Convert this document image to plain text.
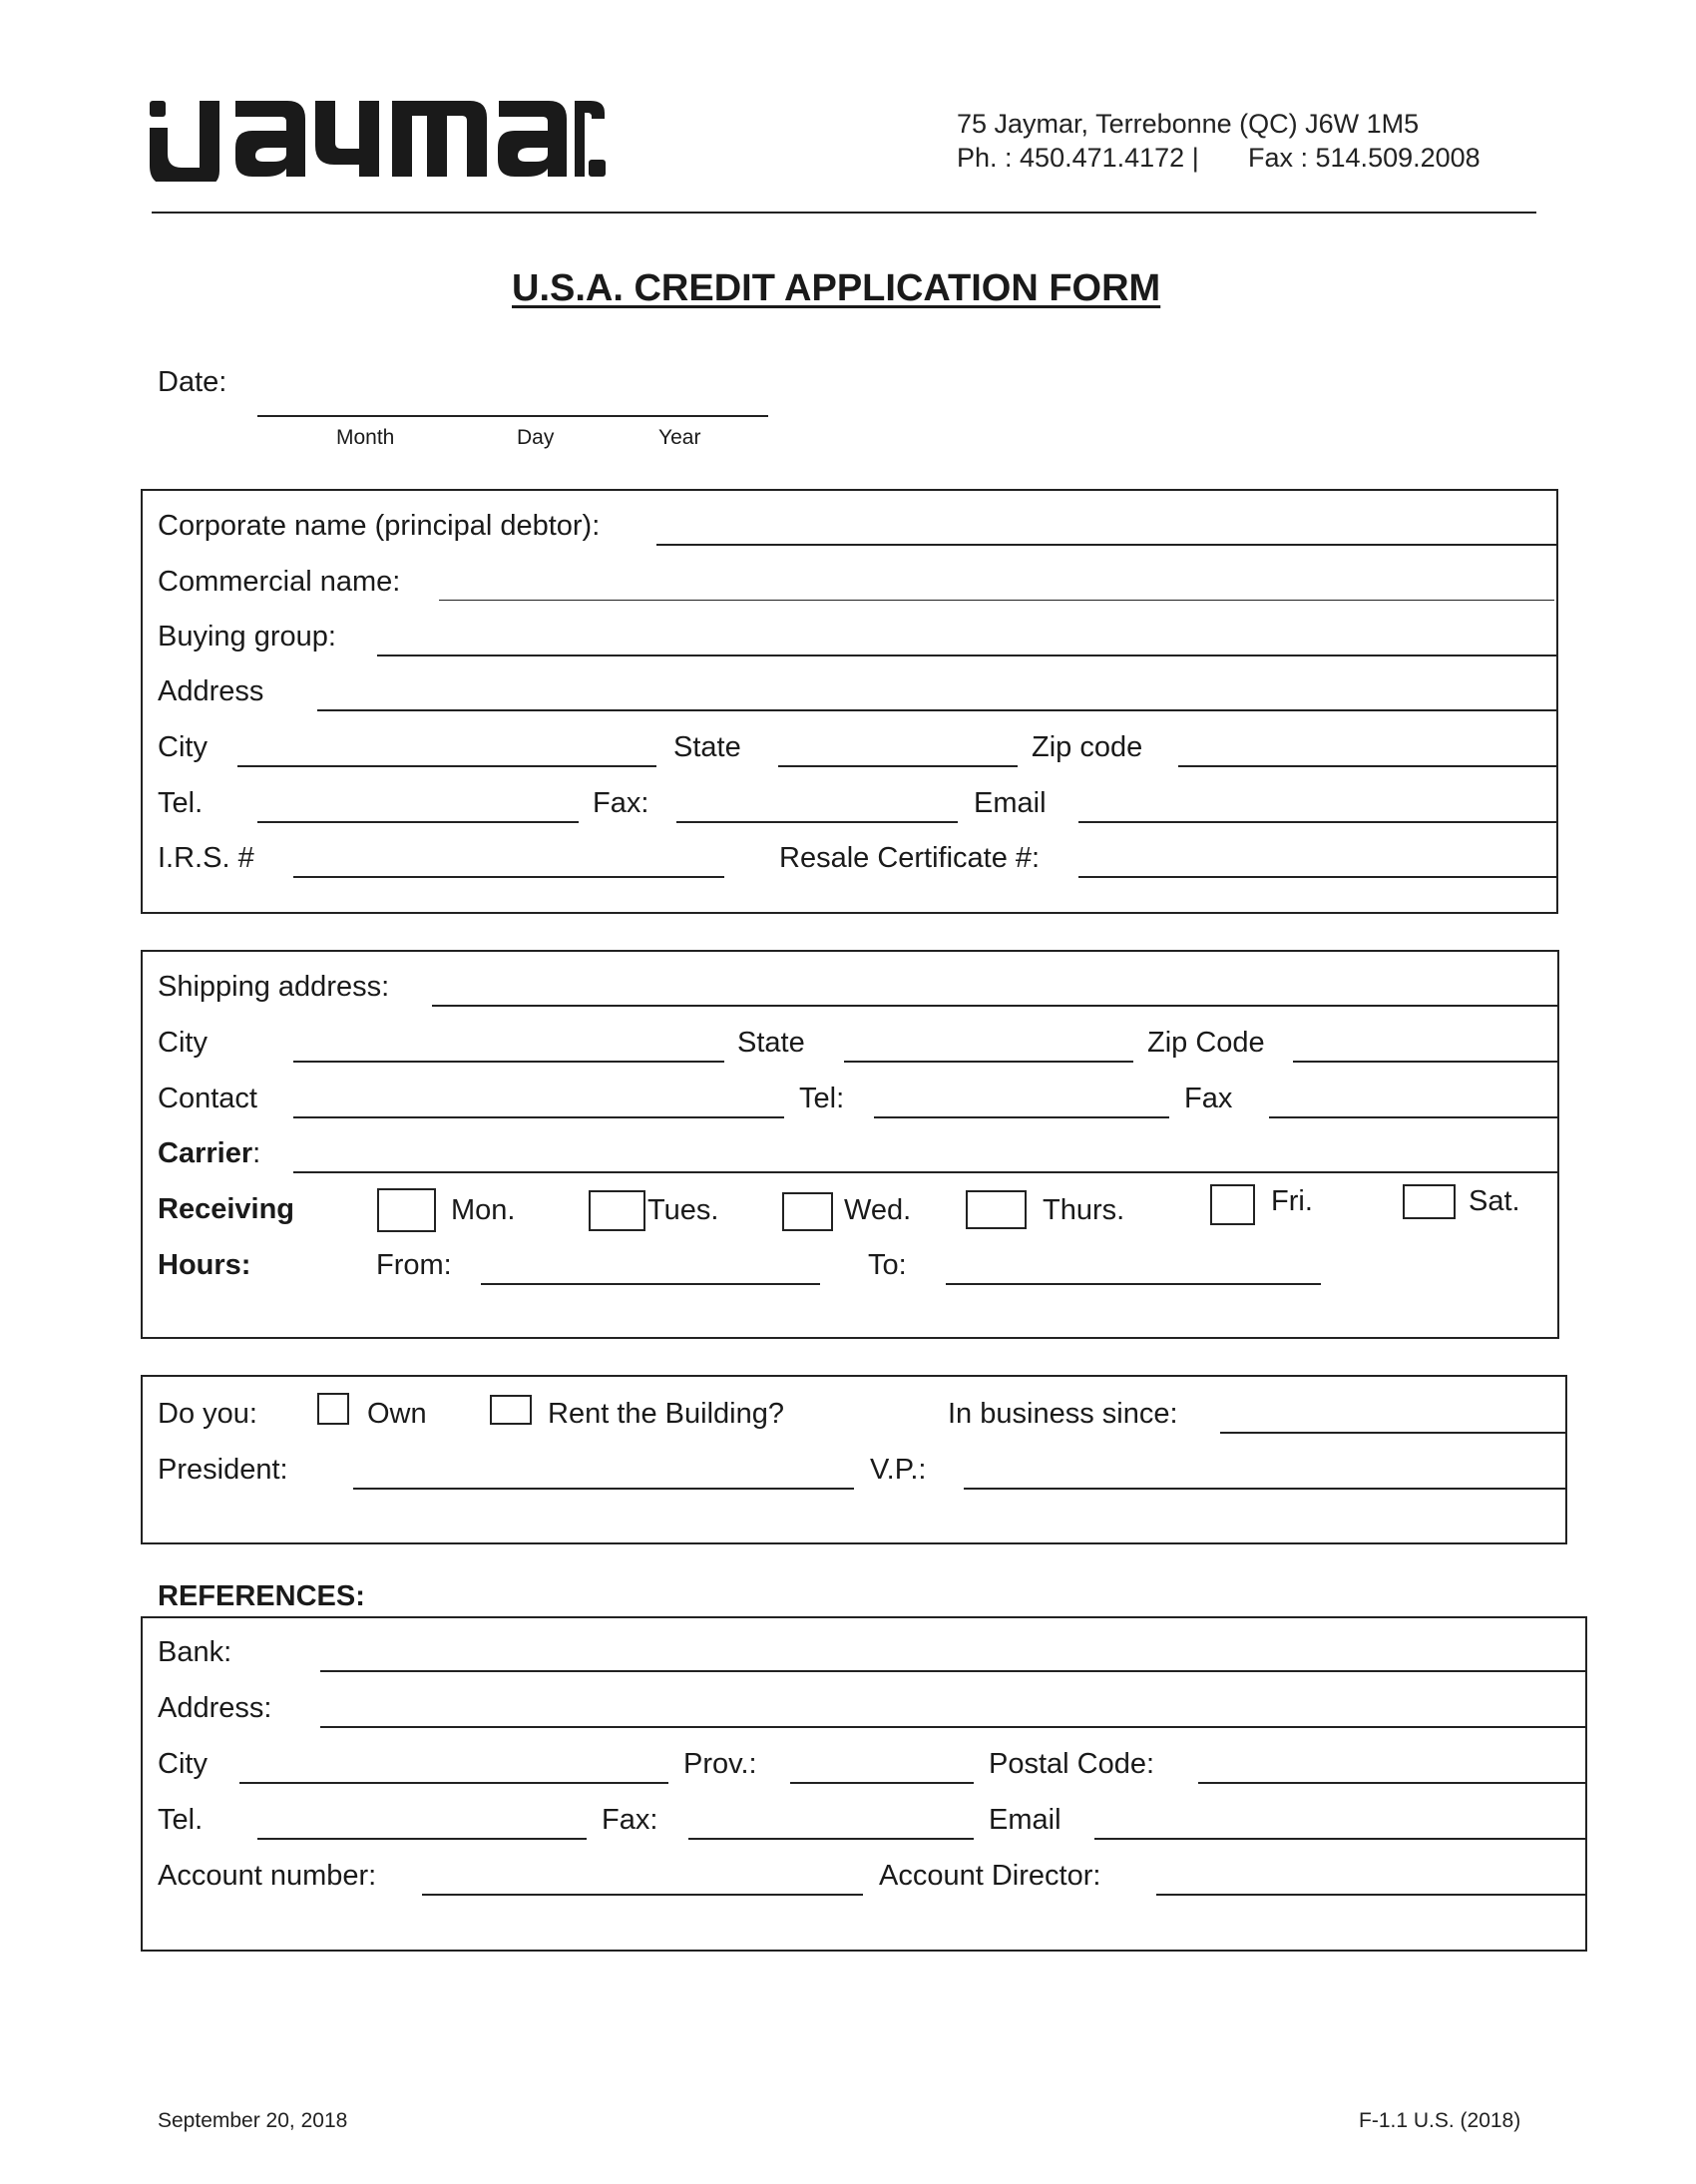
75 Jaymar, Terrebonne (QC) J6W 1M5
Ph. : 450.471.4172 | Fax : 514.509.2008
U.S.A. CREDIT APPLICATION FORM
Date:
Month	Day	Year
Corporate name (principal debtor):
Commercial name:
Buying group:
Address
City	State	Zip code
Tel.	Fax:	Email
I.R.S. #	Resale Certificate #:
Shipping address:
City	State	Zip Code
Contact	Tel:	Fax
Carrier:
Receiving	Mon.	Tues.	Wed.	Thurs.	Fri.	Sat.
Hours:	From:	To:
Do you:	Own	Rent the Building?	In business since:
President:	V.P.:
REFERENCES:
Bank:
Address:
City	Prov.:	Postal Code:
Tel.	Fax:	Email
Account number:	Account Director:
September 20, 2018	F-1.1 U.S. (2018)
